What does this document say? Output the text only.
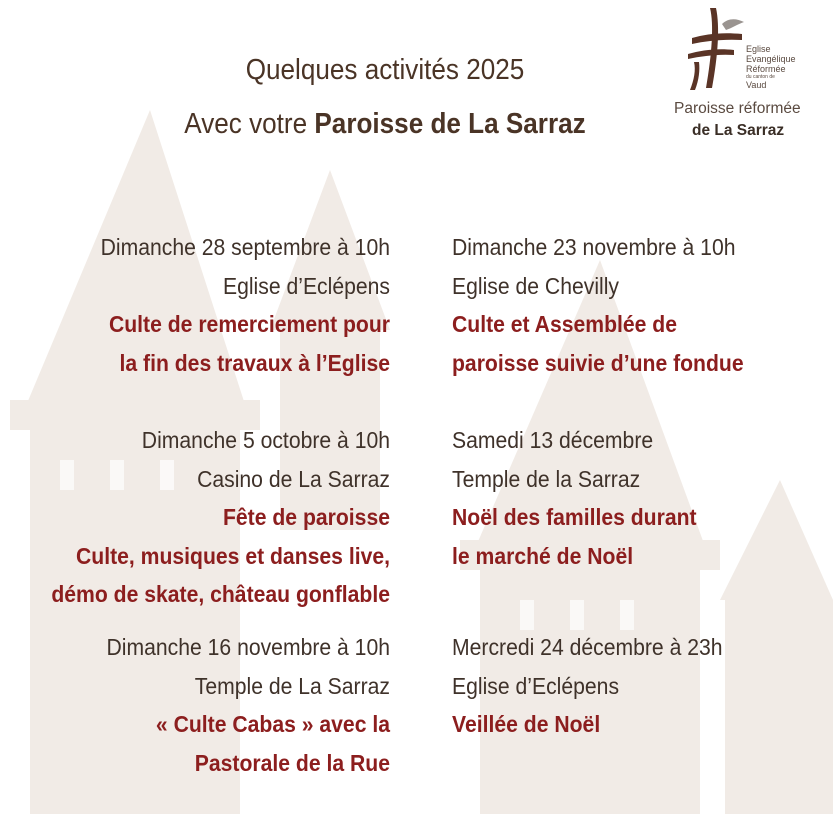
Quelques activités 2025
Avec votre Paroisse de La Sarraz
Eglise
Evangélique
Réformée
du canton de
Vaud
Paroisse réformée
de La Sarraz
Dimanche 28 septembre à 10h
Eglise d’Eclépens
Culte de remerciement pour
la fin des travaux à l’Eglise
Dimanche 23 novembre à 10h
Eglise de Chevilly
Culte et Assemblée de
paroisse suivie d’une fondue
Dimanche 5 octobre à 10h
Casino de La Sarraz
Fête de paroisse
Culte, musiques et danses live,
démo de skate, château gonflable
Samedi 13 décembre
Temple de la Sarraz
Noël des familles durant
le marché de Noël
Dimanche 16 novembre à 10h
Temple de La Sarraz
« Culte Cabas » avec la
Pastorale de la Rue
Mercredi 24 décembre à 23h
Eglise d’Eclépens
Veillée de Noël
